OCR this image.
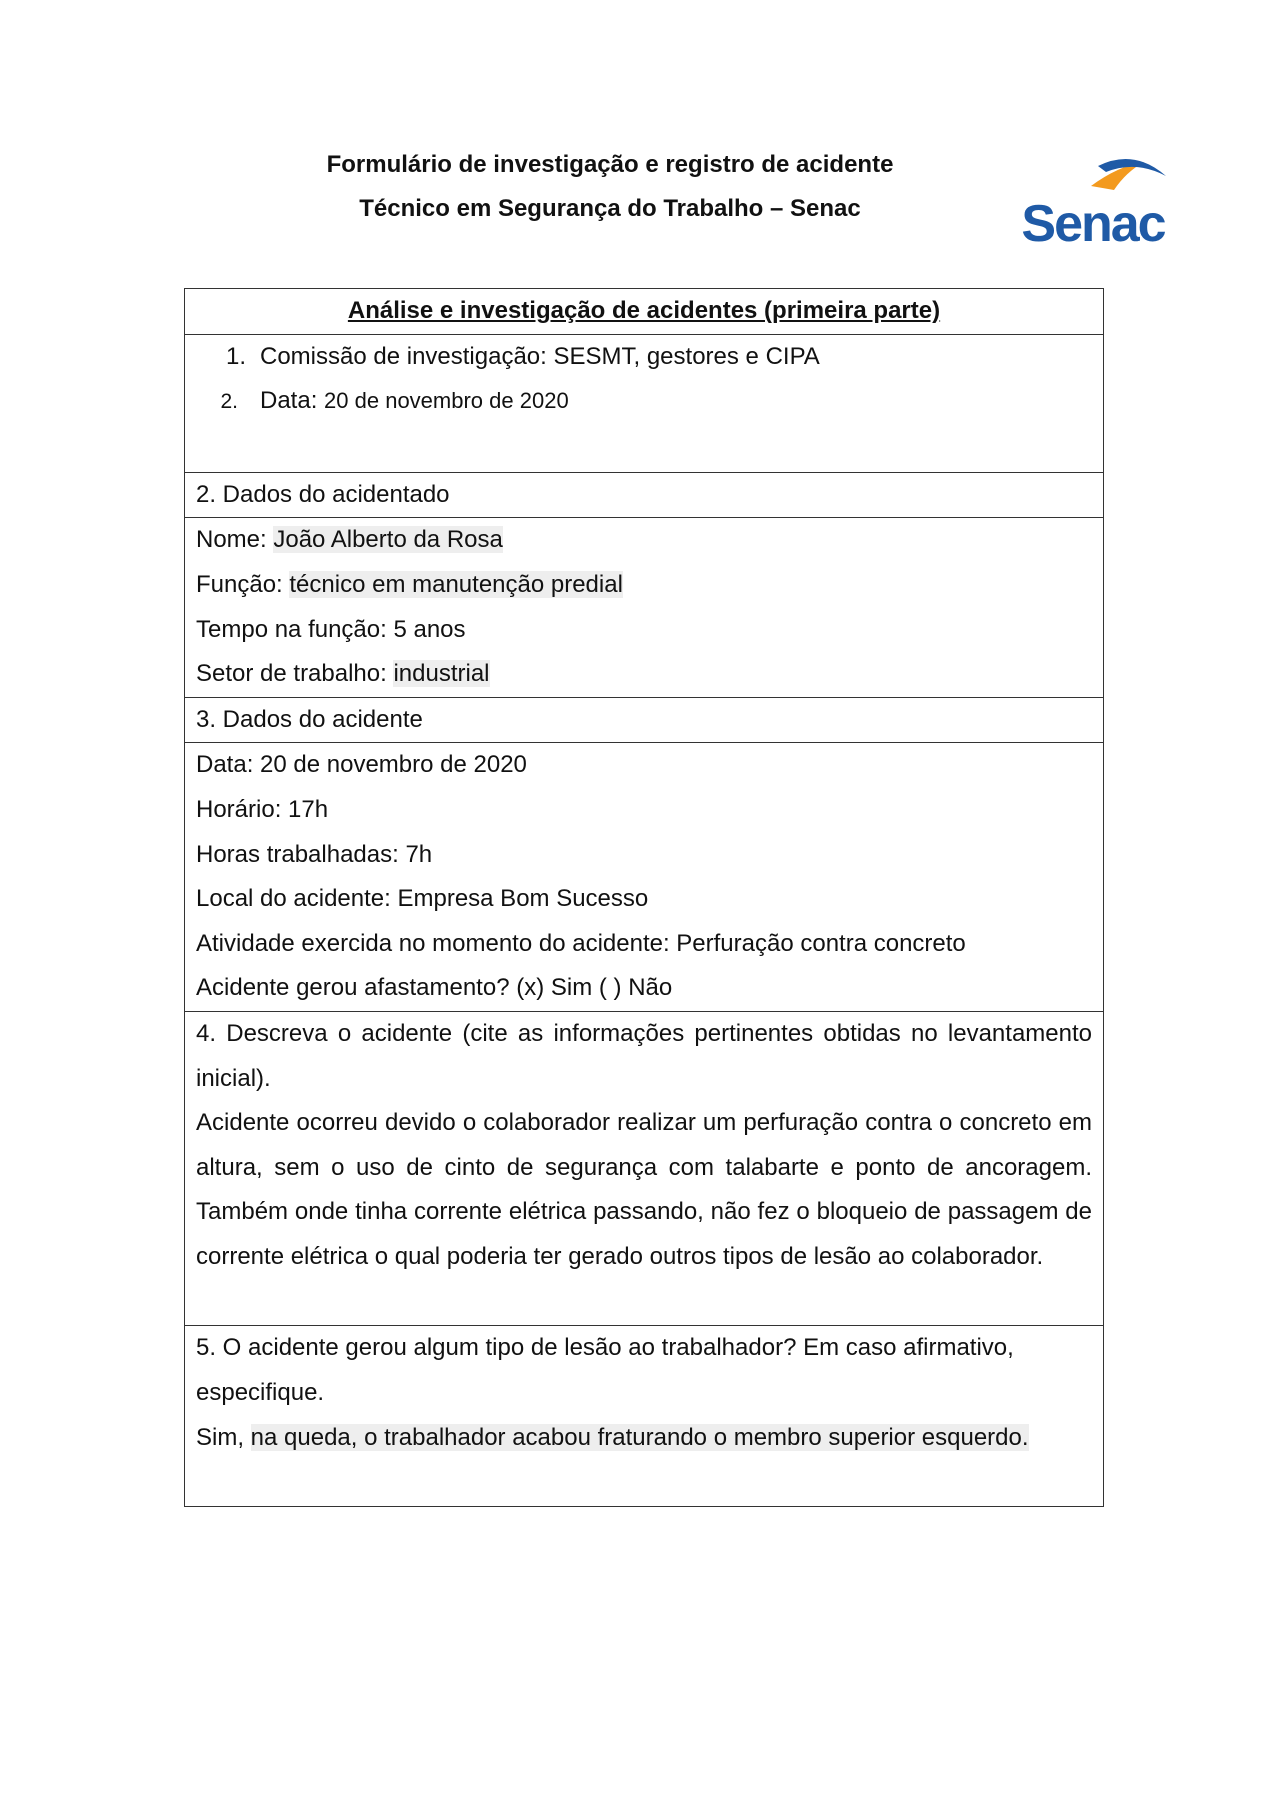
Formulário de investigação e registro de acidente
Técnico em Segurança do Trabalho – Senac	Senac
Análise e investigação de acidentes (primeira parte)

1. Comissão de investigação: SESMT, gestores e CIPA
2. Data: 20 de novembro de 2020

2. Dados do acidentado

Nome: João Alberto da Rosa
Função: técnico em manutenção predial
Tempo na função: 5 anos
Setor de trabalho: industrial

3. Dados do acidente

Data: 20 de novembro de 2020
Horário: 17h
Horas trabalhadas: 7h
Local do acidente: Empresa Bom Sucesso
Atividade exercida no momento do acidente: Perfuração contra concreto
Acidente gerou afastamento? (x) Sim ( ) Não

4. Descreva o acidente (cite as informações pertinentes obtidas no levantamento inicial).
Acidente ocorreu devido o colaborador realizar um perfuração contra o concreto em altura, sem o uso de cinto de segurança com talabarte e ponto de ancoragem. Também onde tinha corrente elétrica passando, não fez o bloqueio de passagem de corrente elétrica o qual poderia ter gerado outros tipos de lesão ao colaborador.

5. O acidente gerou algum tipo de lesão ao trabalhador? Em caso afirmativo, especifique.
Sim, na queda, o trabalhador acabou fraturando o membro superior esquerdo.
